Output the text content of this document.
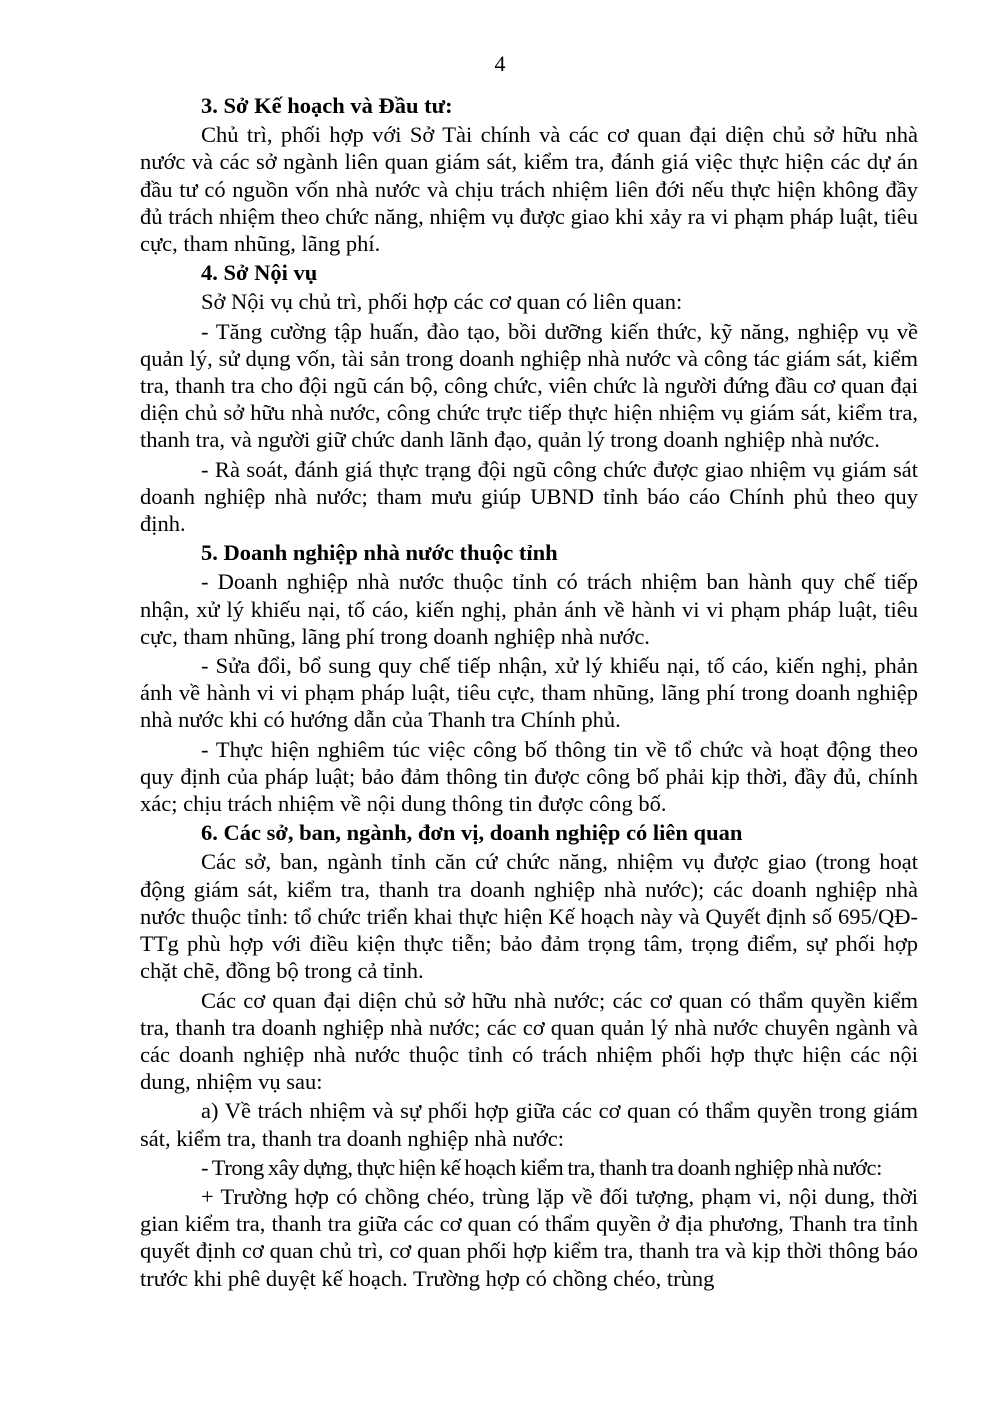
4
3. Sở Kế hoạch và Đầu tư:

Chủ trì, phối hợp với Sở Tài chính và các cơ quan đại diện chủ sở hữu nhà nước và các sở ngành liên quan giám sát, kiểm tra, đánh giá việc thực hiện các dự án đầu tư có nguồn vốn nhà nước và chịu trách nhiệm liên đới nếu thực hiện không đầy đủ trách nhiệm theo chức năng, nhiệm vụ được giao khi xảy ra vi phạm pháp luật, tiêu cực, tham nhũng, lãng phí.

4. Sở Nội vụ

Sở Nội vụ chủ trì, phối hợp các cơ quan có liên quan:

- Tăng cường tập huấn, đào tạo, bồi dưỡng kiến thức, kỹ năng, nghiệp vụ về quản lý, sử dụng vốn, tài sản trong doanh nghiệp nhà nước và công tác giám sát, kiểm tra, thanh tra cho đội ngũ cán bộ, công chức, viên chức là người đứng đầu cơ quan đại diện chủ sở hữu nhà nước, công chức trực tiếp thực hiện nhiệm vụ giám sát, kiểm tra, thanh tra, và người giữ chức danh lãnh đạo, quản lý trong doanh nghiệp nhà nước.

- Rà soát, đánh giá thực trạng đội ngũ công chức được giao nhiệm vụ giám sát doanh nghiệp nhà nước; tham mưu giúp UBND tỉnh báo cáo Chính phủ theo quy định.

5. Doanh nghiệp nhà nước thuộc tỉnh

- Doanh nghiệp nhà nước thuộc tỉnh có trách nhiệm ban hành quy chế tiếp nhận, xử lý khiếu nại, tố cáo, kiến nghị, phản ánh về hành vi vi phạm pháp luật, tiêu cực, tham nhũng, lãng phí trong doanh nghiệp nhà nước.

- Sửa đổi, bổ sung quy chế tiếp nhận, xử lý khiếu nại, tố cáo, kiến nghị, phản ánh về hành vi vi phạm pháp luật, tiêu cực, tham nhũng, lãng phí trong doanh nghiệp nhà nước khi có hướng dẫn của Thanh tra Chính phủ.

- Thực hiện nghiêm túc việc công bố thông tin về tổ chức và hoạt động theo quy định của pháp luật; bảo đảm thông tin được công bố phải kịp thời, đầy đủ, chính xác; chịu trách nhiệm về nội dung thông tin được công bố.

6. Các sở, ban, ngành, đơn vị, doanh nghiệp có liên quan

Các sở, ban, ngành tỉnh căn cứ chức năng, nhiệm vụ được giao (trong hoạt động giám sát, kiểm tra, thanh tra doanh nghiệp nhà nước); các doanh nghiệp nhà nước thuộc tỉnh: tổ chức triển khai thực hiện Kế hoạch này và Quyết định số 695/QĐ-TTg phù hợp với điều kiện thực tiễn; bảo đảm trọng tâm, trọng điểm, sự phối hợp chặt chẽ, đồng bộ trong cả tỉnh.

Các cơ quan đại diện chủ sở hữu nhà nước; các cơ quan có thẩm quyền kiểm tra, thanh tra doanh nghiệp nhà nước; các cơ quan quản lý nhà nước chuyên ngành và các doanh nghiệp nhà nước thuộc tỉnh có trách nhiệm phối hợp thực hiện các nội dung, nhiệm vụ sau:

a) Về trách nhiệm và sự phối hợp giữa các cơ quan có thẩm quyền trong giám sát, kiểm tra, thanh tra doanh nghiệp nhà nước:

- Trong xây dựng, thực hiện kế hoạch kiểm tra, thanh tra doanh nghiệp nhà nước:

+ Trường hợp có chồng chéo, trùng lặp về đối tượng, phạm vi, nội dung, thời gian kiểm tra, thanh tra giữa các cơ quan có thẩm quyền ở địa phương, Thanh tra tỉnh quyết định cơ quan chủ trì, cơ quan phối hợp kiểm tra, thanh tra và kịp thời thông báo trước khi phê duyệt kế hoạch. Trường hợp có chồng chéo, trùng
